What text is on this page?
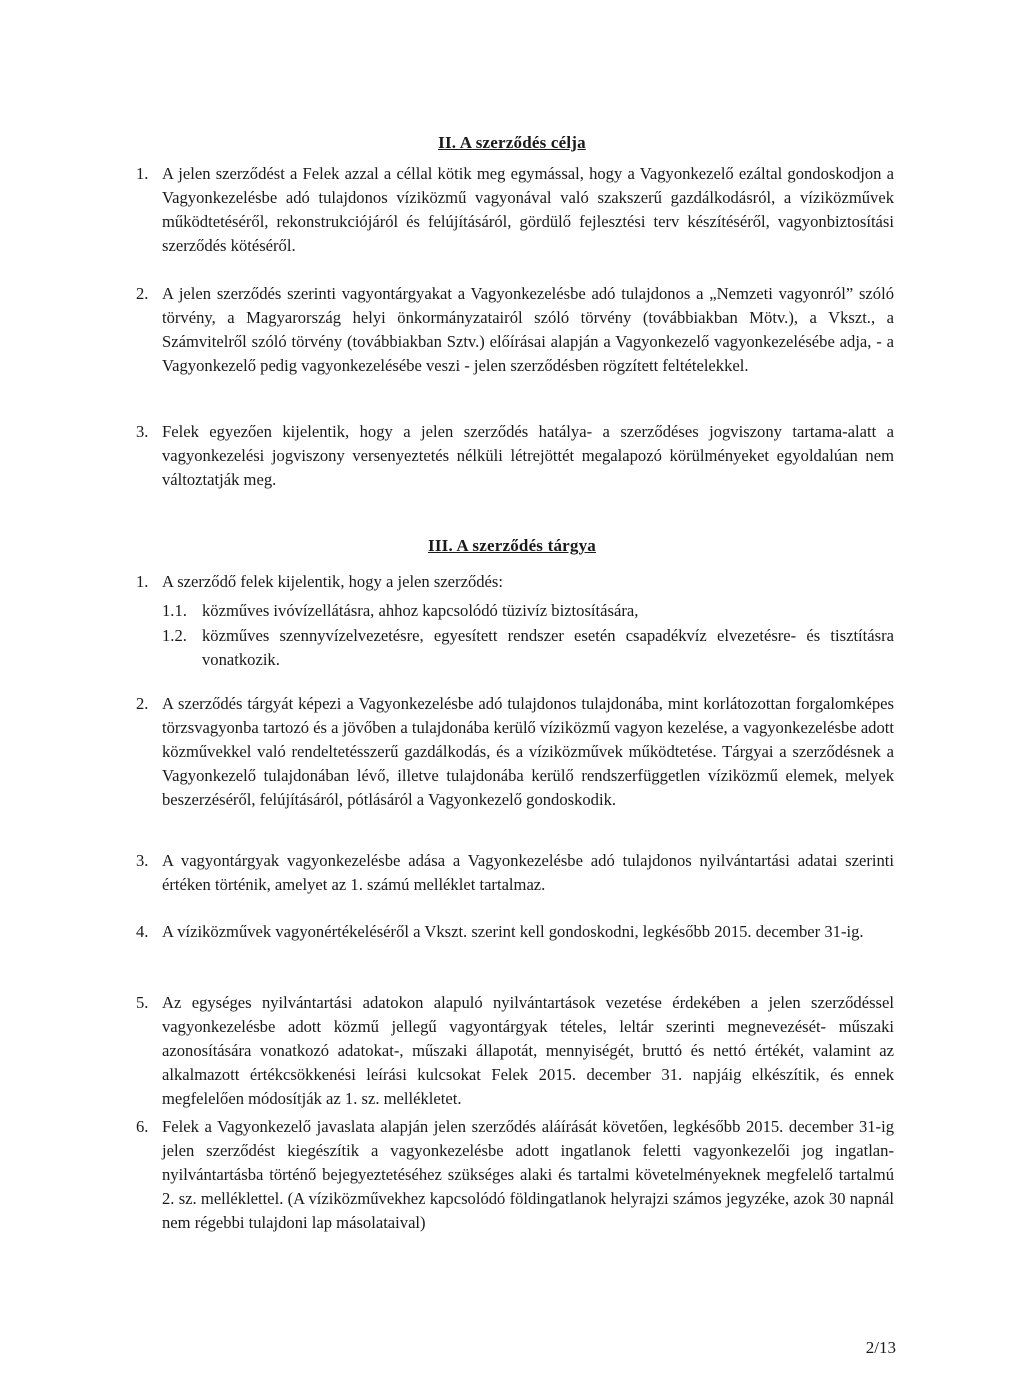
II. A szerződés célja
1. A jelen szerződést a Felek azzal a céllal kötik meg egymással, hogy a Vagyonkezelő ezáltal gondoskodjon a Vagyonkezelésbe adó tulajdonos víziközmű vagyonával való szakszerű gazdálkodásról, a víziközművek működtetéséről, rekonstrukciójáról és felújításáról, gördülő fejlesztési terv készítéséről, vagyonbiztosítási szerződés kötéséről.
2. A jelen szerződés szerinti vagyontárgyakat a Vagyonkezelésbe adó tulajdonos a „Nemzeti vagyonról” szóló törvény, a Magyarország helyi önkormányzatairól szóló törvény (továbbiakban Mötv.), a Vkszt., a Számvitelről szóló törvény (továbbiakban Sztv.) előírásai alapján a Vagyonkezelő vagyonkezelésébe adja, - a Vagyonkezelő pedig vagyonkezelésébe veszi - jelen szerződésben rögzített feltételekkel.
3. Felek egyezően kijelentik, hogy a jelen szerződés hatálya- a szerződéses jogviszony tartama-alatt a vagyonkezelési jogviszony versenyeztetés nélküli létrejöttét megalapozó körülményeket egyoldalúan nem változtatják meg.
III. A szerződés tárgya
1. A szerződő felek kijelentik, hogy a jelen szerződés:
1.1. közműves ivóvízellátásra, ahhoz kapcsolódó tüzivíz biztosítására,
1.2. közműves szennyvízelvezetésre, egyesített rendszer esetén csapadékvíz elvezetésre- és tisztításra vonatkozik.
2. A szerződés tárgyát képezi a Vagyonkezelésbe adó tulajdonos tulajdonába, mint korlátozottan forgalomképes törzsvagyonba tartozó és a jövőben a tulajdonába kerülő víziközmű vagyon kezelése, a vagyonkezelésbe adott közművekkel való rendeltetésszerű gazdálkodás, és a víziközművek működtetése. Tárgyai a szerződésnek a Vagyonkezelő tulajdonában lévő, illetve tulajdonába kerülő rendszerfüggetlen víziközmű elemek, melyek beszerzéséről, felújításáról, pótlásáról a Vagyonkezelő gondoskodik.
3. A vagyontárgyak vagyonkezelésbe adása a Vagyonkezelésbe adó tulajdonos nyilvántartási adatai szerinti értéken történik, amelyet az 1. számú melléklet tartalmaz.
4. A víziközművek vagyonértékeléséről a Vkszt. szerint kell gondoskodni, legkésőbb 2015. december 31-ig.
5. Az egységes nyilvántartási adatokon alapuló nyilvántartások vezetése érdekében a jelen szerződéssel vagyonkezelésbe adott közmű jellegű vagyontárgyak tételes, leltár szerinti megnevezését- műszaki azonosítására vonatkozó adatokat-, műszaki állapotát, mennyiségét, bruttó és nettó értékét, valamint az alkalmazott értékcsökkenési leírási kulcsokat Felek 2015. december 31. napjáig elkészítik, és ennek megfelelően módosítják az 1. sz. mellékletet.
6. Felek a Vagyonkezelő javaslata alapján jelen szerződés aláírását követően, legkésőbb 2015. december 31-ig jelen szerződést kiegészítik a vagyonkezelésbe adott ingatlanok feletti vagyonkezelői jog ingatlan-nyilvántartásba történő bejegyeztetéséhez szükséges alaki és tartalmi követelményeknek megfelelő tartalmú 2. sz. melléklettel. (A víziközművekhez kapcsolódó földingatlanok helyrajzi számos jegyzéke, azok 30 napnál nem régebbi tulajdoni lap másolataival)
2/13
